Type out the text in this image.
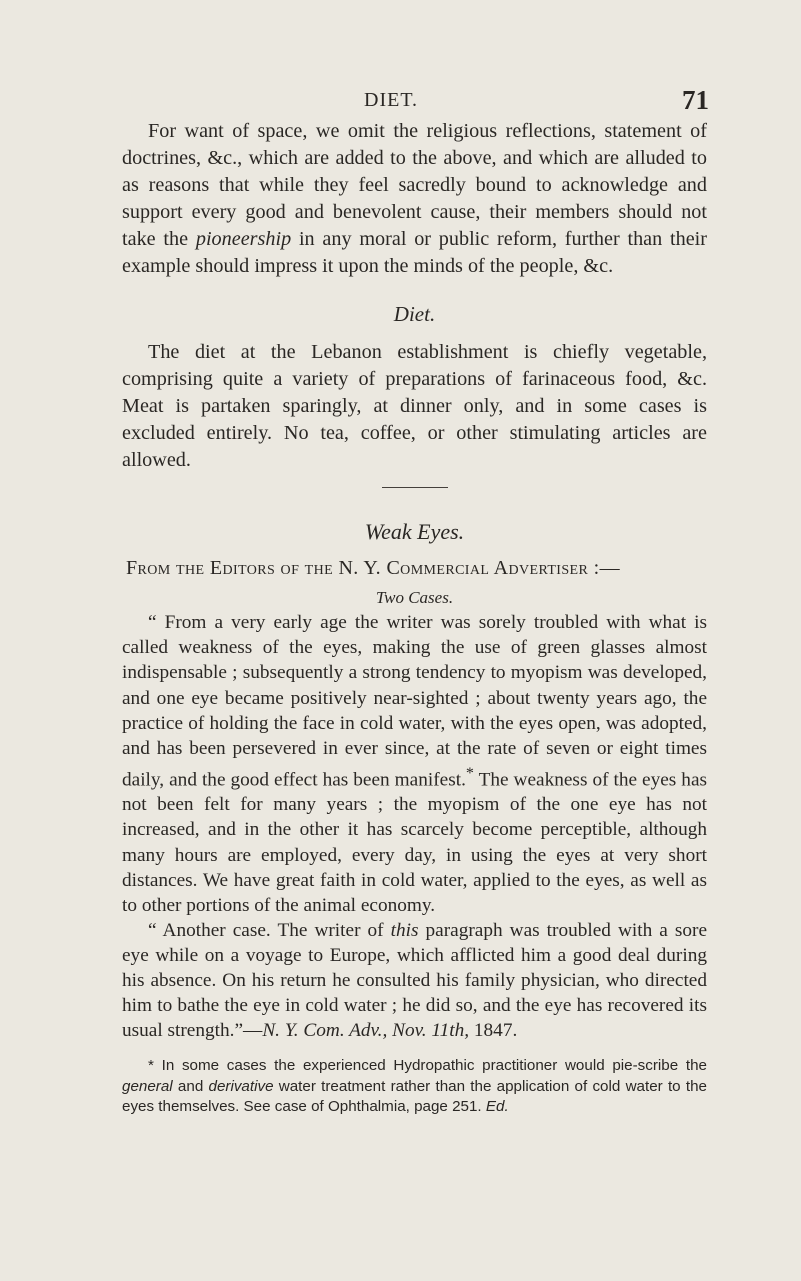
DIET.	71

For want of space, we omit the religious reflections, statement of doctrines, &c., which are added to the above, and which are alluded to as reasons that while they feel sacredly bound to acknowledge and support every good and benevolent cause, their members should not take the pioneership in any moral or public reform, further than their example should impress it upon the minds of the people, &c.

Diet.

The diet at the Lebanon establishment is chiefly vegetable, comprising quite a variety of preparations of farinaceous food, &c. Meat is partaken sparingly, at dinner only, and in some cases is excluded entirely. No tea, coffee, or other stimulating articles are allowed.

Weak Eyes.
From the Editors of the N. Y. Commercial Advertiser :—
Two Cases.

“ From a very early age the writer was sorely troubled with what is called weakness of the eyes, making the use of green glasses almost indispensable ; subsequently a strong tendency to myopism was developed, and one eye became positively near-sighted ; about twenty years ago, the practice of holding the face in cold water, with the eyes open, was adopted, and has been persevered in ever since, at the rate of seven or eight times daily, and the good effect has been manifest.* The weakness of the eyes has not been felt for many years ; the myopism of the one eye has not increased, and in the other it has scarcely become perceptible, although many hours are employed, every day, in using the eyes at very short distances. We have great faith in cold water, applied to the eyes, as well as to other portions of the animal economy.

“ Another case. The writer of this paragraph was troubled with a sore eye while on a voyage to Europe, which afflicted him a good deal during his absence. On his return he consulted his family physician, who directed him to bathe the eye in cold water ; he did so, and the eye has recovered its usual strength.”—N. Y. Com. Adv., Nov. 11th, 1847.

* In some cases the experienced Hydropathic practitioner would pie-scribe the general and derivative water treatment rather than the application of cold water to the eyes themselves. See case of Ophthalmia, page 251. Ed.
